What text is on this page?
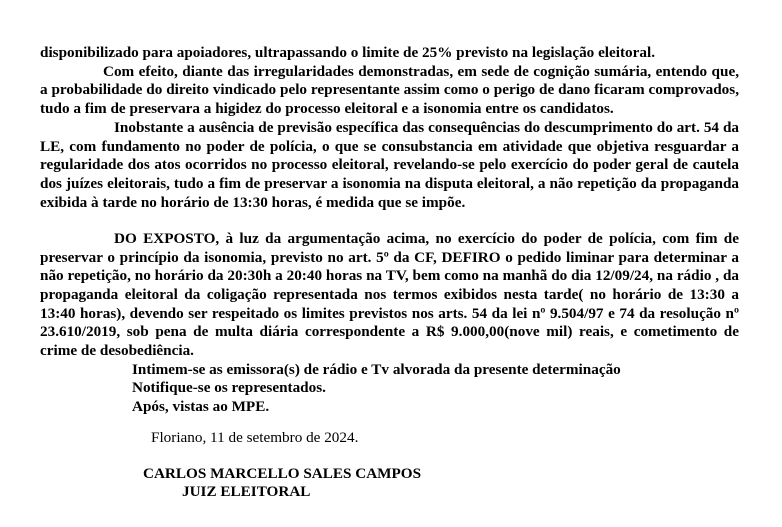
disponibilizado para apoiadores, ultrapassando o limite de 25% previsto na legislação eleitoral.

Com efeito, diante das irregularidades demonstradas, em sede de cognição sumária, entendo que, a probabilidade do direito vindicado pelo representante assim como o perigo de dano ficaram comprovados, tudo a fim de preservara a higidez do processo eleitoral e a isonomia entre os candidatos.

Inobstante a ausência de previsão específica das consequências do descumprimento do art. 54 da LE, com fundamento no poder de polícia, o que se consubstancia em atividade que objetiva resguardar a regularidade dos atos ocorridos no processo eleitoral, revelando-se pelo exercício do poder geral de cautela dos juízes eleitorais, tudo a fim de preservar a isonomia na disputa eleitoral, a não repetição da propaganda exibida à tarde no horário de 13:30 horas, é medida que se impõe.

DO EXPOSTO, à luz da argumentação acima, no exercício do poder de polícia, com fim de preservar o princípio da isonomia, previsto no art. 5º da CF, DEFIRO o pedido liminar para determinar a não repetição, no horário da 20:30h a 20:40 horas na TV, bem como na manhã do dia 12/09/24, na rádio , da propaganda eleitoral da coligação representada nos termos exibidos nesta tarde( no horário de 13:30 a 13:40 horas), devendo ser respeitado os limites previstos nos arts. 54 da lei nº 9.504/97 e 74 da resolução nº 23.610/2019, sob pena de multa diária correspondente a R$ 9.000,00(nove mil) reais, e cometimento de crime de desobediência.

Intimem-se as emissora(s) de rádio e Tv alvorada da presente determinação

Notifique-se os representados.

Após, vistas ao MPE.

Floriano, 11 de setembro de 2024.

CARLOS MARCELLO SALES CAMPOS

JUIZ ELEITORAL
